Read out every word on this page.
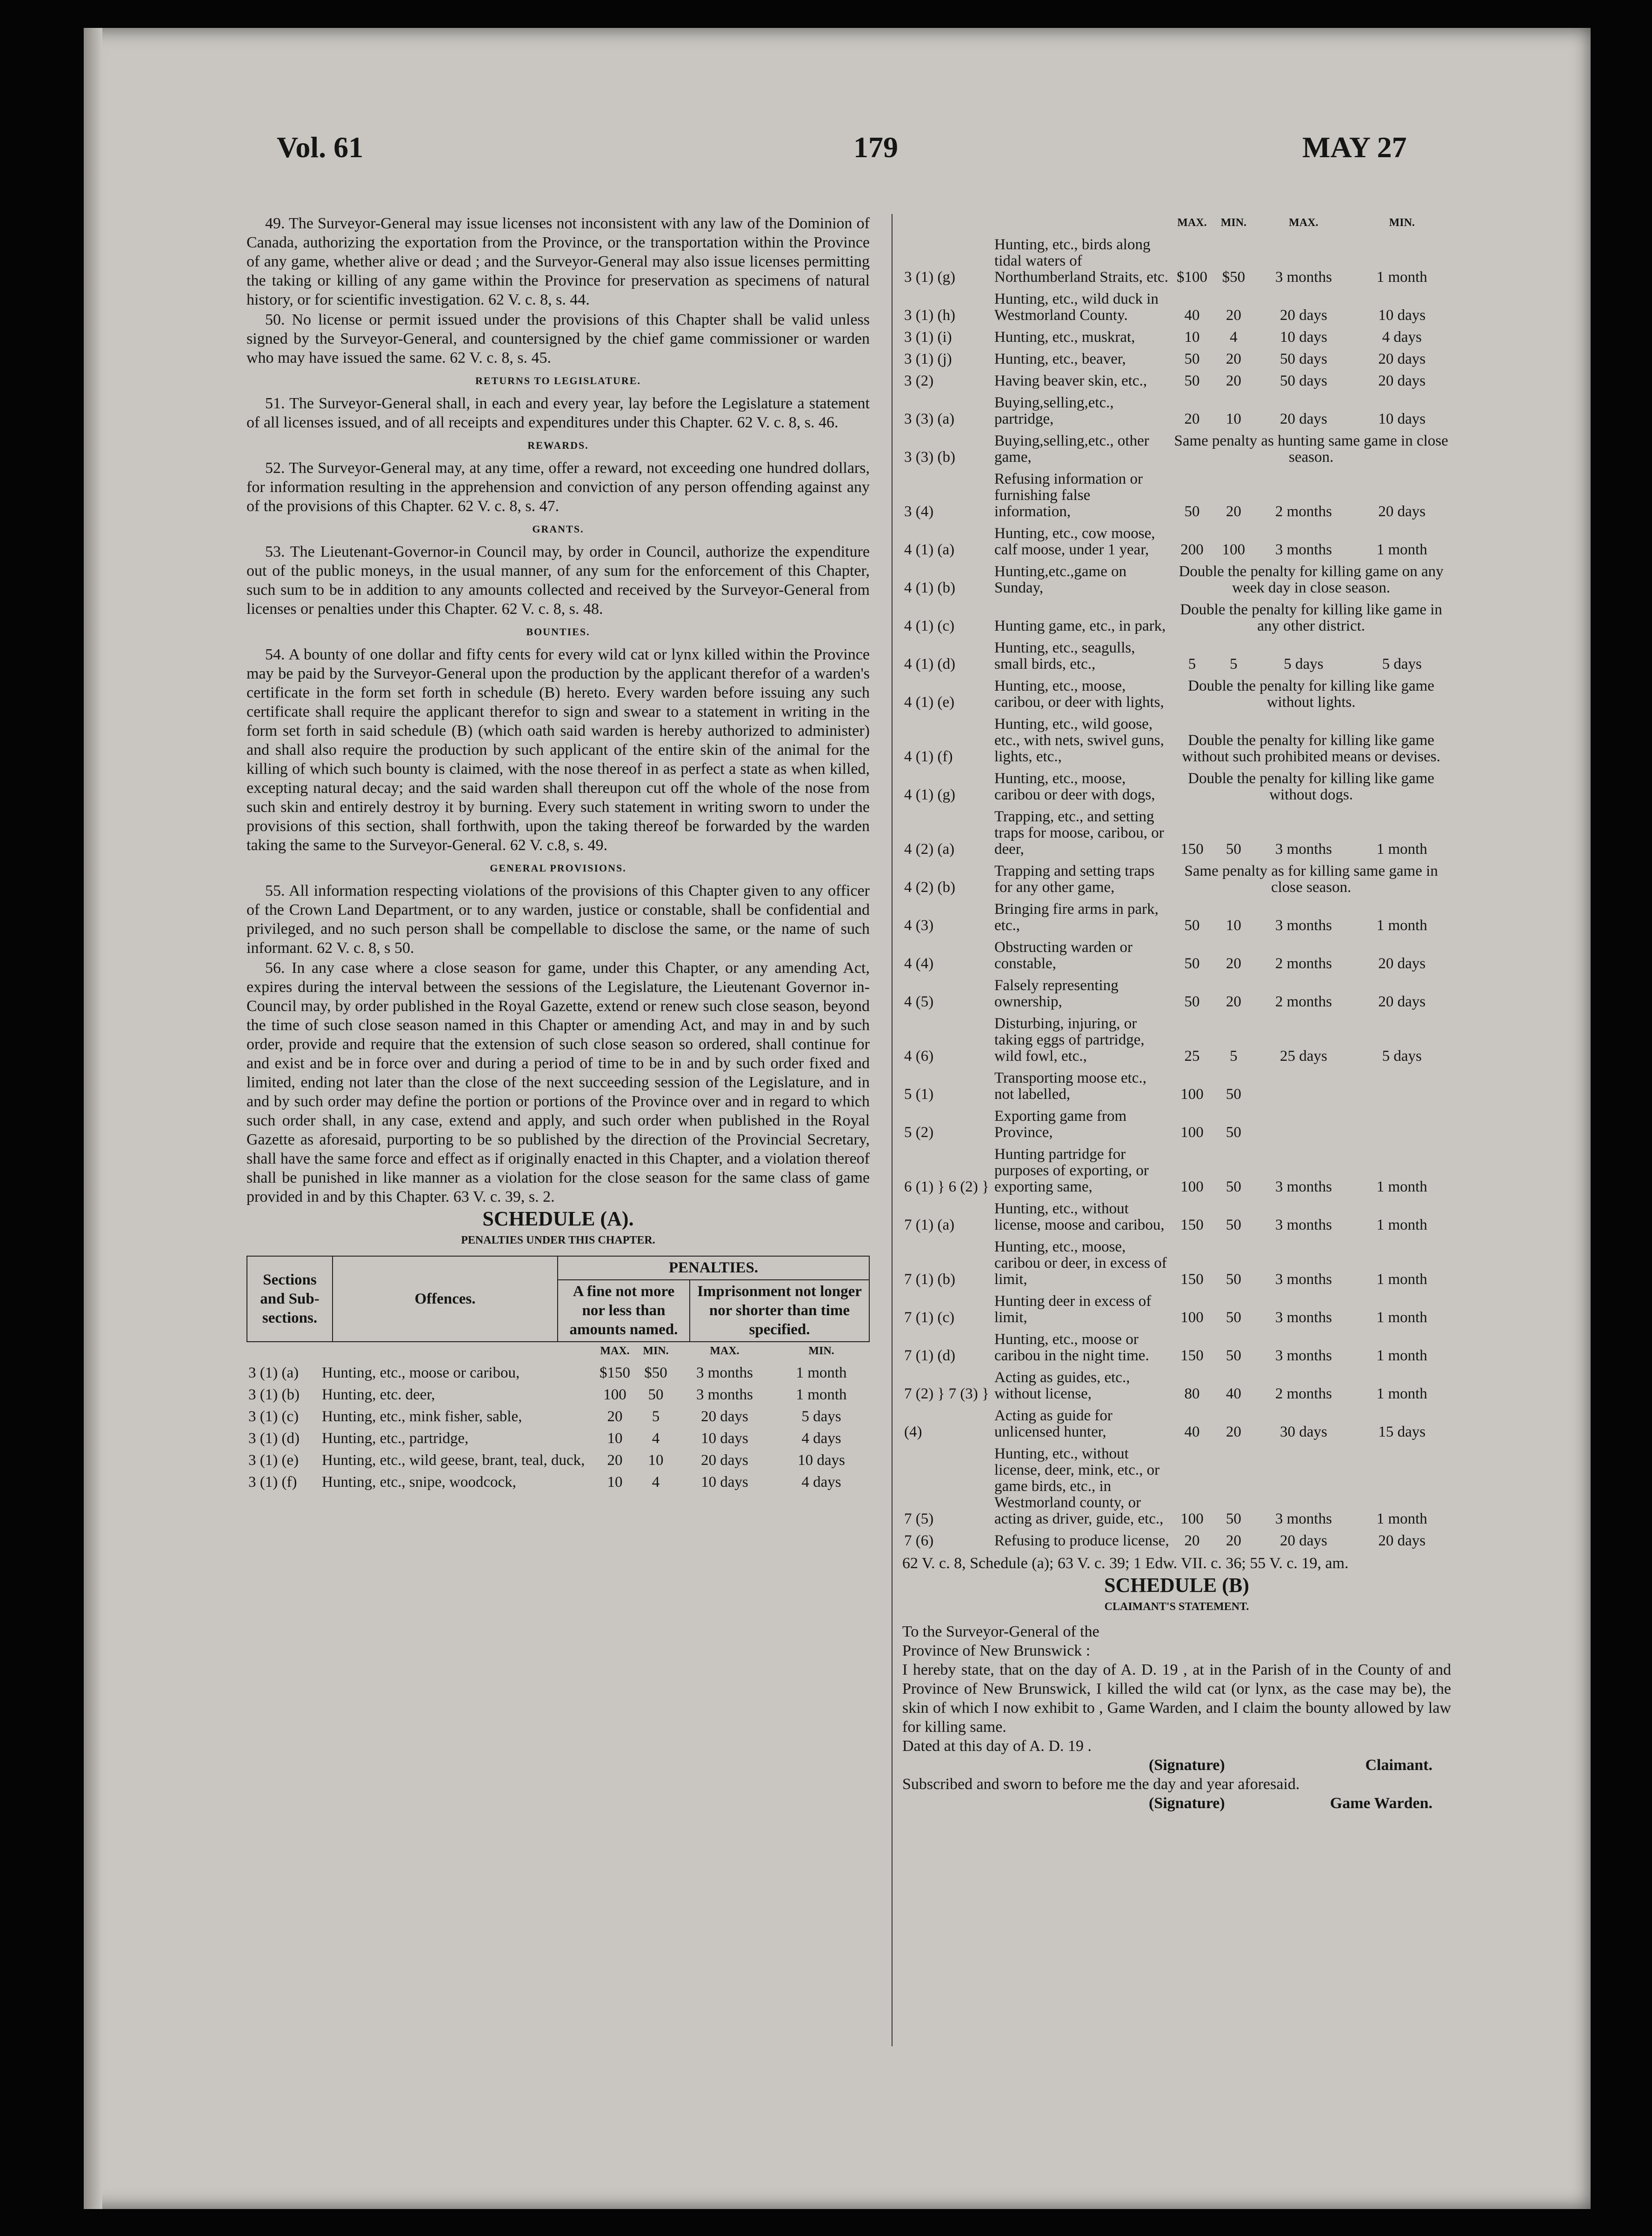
Vol. 61	179	MAY 27

49. The Surveyor-General may issue licenses not inconsistent with any law of the Dominion of Canada, authorizing the exportation from the Province, or the transportation within the Province of any game, whether alive or dead ; and the Surveyor-General may also issue licenses permitting the taking or killing of any game within the Province for preservation as specimens of natural history, or for scientific investigation. 62 V. c. 8, s. 44.

50. No license or permit issued under the provisions of this Chapter shall be valid unless signed by the Surveyor-General, and countersigned by the chief game commissioner or warden who may have issued the same. 62 V. c. 8, s. 45.

RETURNS TO LEGISLATURE.

51. The Surveyor-General shall, in each and every year, lay before the Legislature a statement of all licenses issued, and of all receipts and expenditures under this Chapter. 62 V. c. 8, s. 46.

REWARDS.

52. The Surveyor-General may, at any time, offer a reward, not exceeding one hundred dollars, for information resulting in the apprehension and conviction of any person offending against any of the provisions of this Chapter. 62 V. c. 8, s. 47.

GRANTS.

53. The Lieutenant-Governor-in Council may, by order in Council, authorize the expenditure out of the public moneys, in the usual manner, of any sum for the enforcement of this Chapter, such sum to be in addition to any amounts collected and received by the Surveyor-General from licenses or penalties under this Chapter. 62 V. c. 8, s. 48.

BOUNTIES.

54. A bounty of one dollar and fifty cents for every wild cat or lynx killed within the Province may be paid by the Surveyor-General upon the production by the applicant therefor of a warden's certificate in the form set forth in schedule (B) hereto. Every warden before issuing any such certificate shall require the applicant therefor to sign and swear to a statement in writing in the form set forth in said schedule (B) (which oath said warden is hereby authorized to administer) and shall also require the production by such applicant of the entire skin of the animal for the killing of which such bounty is claimed, with the nose thereof in as perfect a state as when killed, excepting natural decay; and the said warden shall thereupon cut off the whole of the nose from such skin and entirely destroy it by burning. Every such statement in writing sworn to under the provisions of this section, shall forthwith, upon the taking thereof be forwarded by the warden taking the same to the Surveyor-General. 62 V. c.8, s. 49.

GENERAL PROVISIONS.

55. All information respecting violations of the provisions of this Chapter given to any officer of the Crown Land Department, or to any warden, justice or constable, shall be confidential and privileged, and no such person shall be compellable to disclose the same, or the name of such informant. 62 V. c. 8, s 50.

56. In any case where a close season for game, under this Chapter, or any amending Act, expires during the interval between the sessions of the Legislature, the Lieutenant Governor in-Council may, by order published in the Royal Gazette, extend or renew such close season, beyond the time of such close season named in this Chapter or amending Act, and may in and by such order, provide and require that the extension of such close season so ordered, shall continue for and exist and be in force over and during a period of time to be in and by such order fixed and limited, ending not later than the close of the next succeeding session of the Legislature, and in and by such order may define the portion or portions of the Province over and in regard to which such order shall, in any case, extend and apply, and such order when published in the Royal Gazette as aforesaid, purporting to be so published by the direction of the Provincial Secretary, shall have the same force and effect as if originally enacted in this Chapter, and a violation thereof shall be punished in like manner as a violation for the close season for the same class of game provided in and by this Chapter. 63 V. c. 39, s. 2.

SCHEDULE (A).
PENALTIES UNDER THIS CHAPTER.
Sections and Sub-sections.	Offences.	PENALTIES.	
		A fine not more nor less than amounts named.	Imprisonment not longer nor shorter than time specified.
		MAX.	MIN.	MAX.	MIN.
3 (1) (a)	Hunting, etc., moose or caribou,	$150	$50	3 months	1 month
3 (1) (b)	Hunting, etc. deer,	100	50	3 months	1 month
3 (1) (c)	Hunting, etc., mink fisher, sable,	20	5	20 days	5 days
3 (1) (d)	Hunting, etc., partridge,	10	4	10 days	4 days
3 (1) (e)	Hunting, etc., wild geese, brant, teal, duck,	20	10	20 days	10 days
3 (1) (f)	Hunting, etc., snipe, woodcock,	10	4	10 days	4 days
		MAX.	MIN.	MAX.	MIN.
3 (1) (g)	Hunting, etc., birds along tidal waters of Northumberland Straits, etc.	$100	$50	3 months	1 month
3 (1) (h)	Hunting, etc., wild duck in Westmorland County.	40	20	20 days	10 days
3 (1) (i)	Hunting, etc., muskrat,	10	4	10 days	4 days
3 (1) (j)	Hunting, etc., beaver,	50	20	50 days	20 days
3 (2)	Having beaver skin, etc.,	50	20	50 days	20 days
3 (3) (a)	Buying,selling,etc., partridge,	20	10	20 days	10 days
3 (3) (b)	Buying,selling,etc., other game,	Same penalty as hunting same game in close season.			
3 (4)	Refusing information or furnishing false information,	50	20	2 months	20 days
4 (1) (a)	Hunting, etc., cow moose, calf moose, under 1 year,	200	100	3 months	1 month
4 (1) (b)	Hunting,etc.,game on Sunday,	Double the penalty for killing game on any week day in close season.			
4 (1) (c)	Hunting game, etc., in park,	Double the penalty for killing like game in any other district.			
4 (1) (d)	Hunting, etc., seagulls, small birds, etc.,	5	5	5 days	5 days
4 (1) (e)	Hunting, etc., moose, caribou, or deer with lights,	Double the penalty for killing like game without lights.			
4 (1) (f)	Hunting, etc., wild goose, etc., with nets, swivel guns, lights, etc.,	Double the penalty for killing like game without such prohibited means or devises.			
4 (1) (g)	Hunting, etc., moose, caribou or deer with dogs,	Double the penalty for killing like game without dogs.			
4 (2) (a)	Trapping, etc., and setting traps for moose, caribou, or deer,	150	50	3 months	1 month
4 (2) (b)	Trapping and setting traps for any other game,	Same penalty as for killing same game in close season.			
4 (3)	Bringing fire arms in park, etc.,	50	10	3 months	1 month
4 (4)	Obstructing warden or constable,	50	20	2 months	20 days
4 (5)	Falsely representing ownership,	50	20	2 months	20 days
4 (6)	Disturbing, injuring, or taking eggs of partridge, wild fowl, etc.,	25	5	25 days	5 days
5 (1)	Transporting moose etc., not labelled,	100	50		
5 (2)	Exporting game from Province,	100	50		
6 (1) } 6 (2) }	Hunting partridge for purposes of exporting, or exporting same,	100	50	3 months	1 month
7 (1) (a)	Hunting, etc., without license, moose and caribou,	150	50	3 months	1 month
7 (1) (b)	Hunting, etc., moose, caribou or deer, in excess of limit,	150	50	3 months	1 month
7 (1) (c)	Hunting deer in excess of limit,	100	50	3 months	1 month
7 (1) (d)	Hunting, etc., moose or caribou in the night time.	150	50	3 months	1 month
7 (2) } 7 (3) }	Acting as guides, etc., without license,	80	40	2 months	1 month
(4)	Acting as guide for unlicensed hunter,	40	20	30 days	15 days
7 (5)	Hunting, etc., without license, deer, mink, etc., or game birds, etc., in Westmorland county, or acting as driver, guide, etc.,	100	50	3 months	1 month
7 (6)	Refusing to produce license,	20	20	20 days	20 days

62 V. c. 8, Schedule (a); 63 V. c. 39; 1 Edw. VII. c. 36; 55 V. c. 19, am.

SCHEDULE (B)
CLAIMANT'S STATEMENT.

To the Surveyor-General of the

Province of New Brunswick :

I hereby state, that on the day of A. D. 19 , at in the Parish of in the County of and Province of New Brunswick, I killed the wild cat (or lynx, as the case may be), the skin of which I now exhibit to , Game Warden, and I claim the bounty allowed by law for killing same.

Dated at this day of A. D. 19 .

(Signature)	Claimant.

Subscribed and sworn to before me the day and year aforesaid.

(Signature)	Game Warden.
